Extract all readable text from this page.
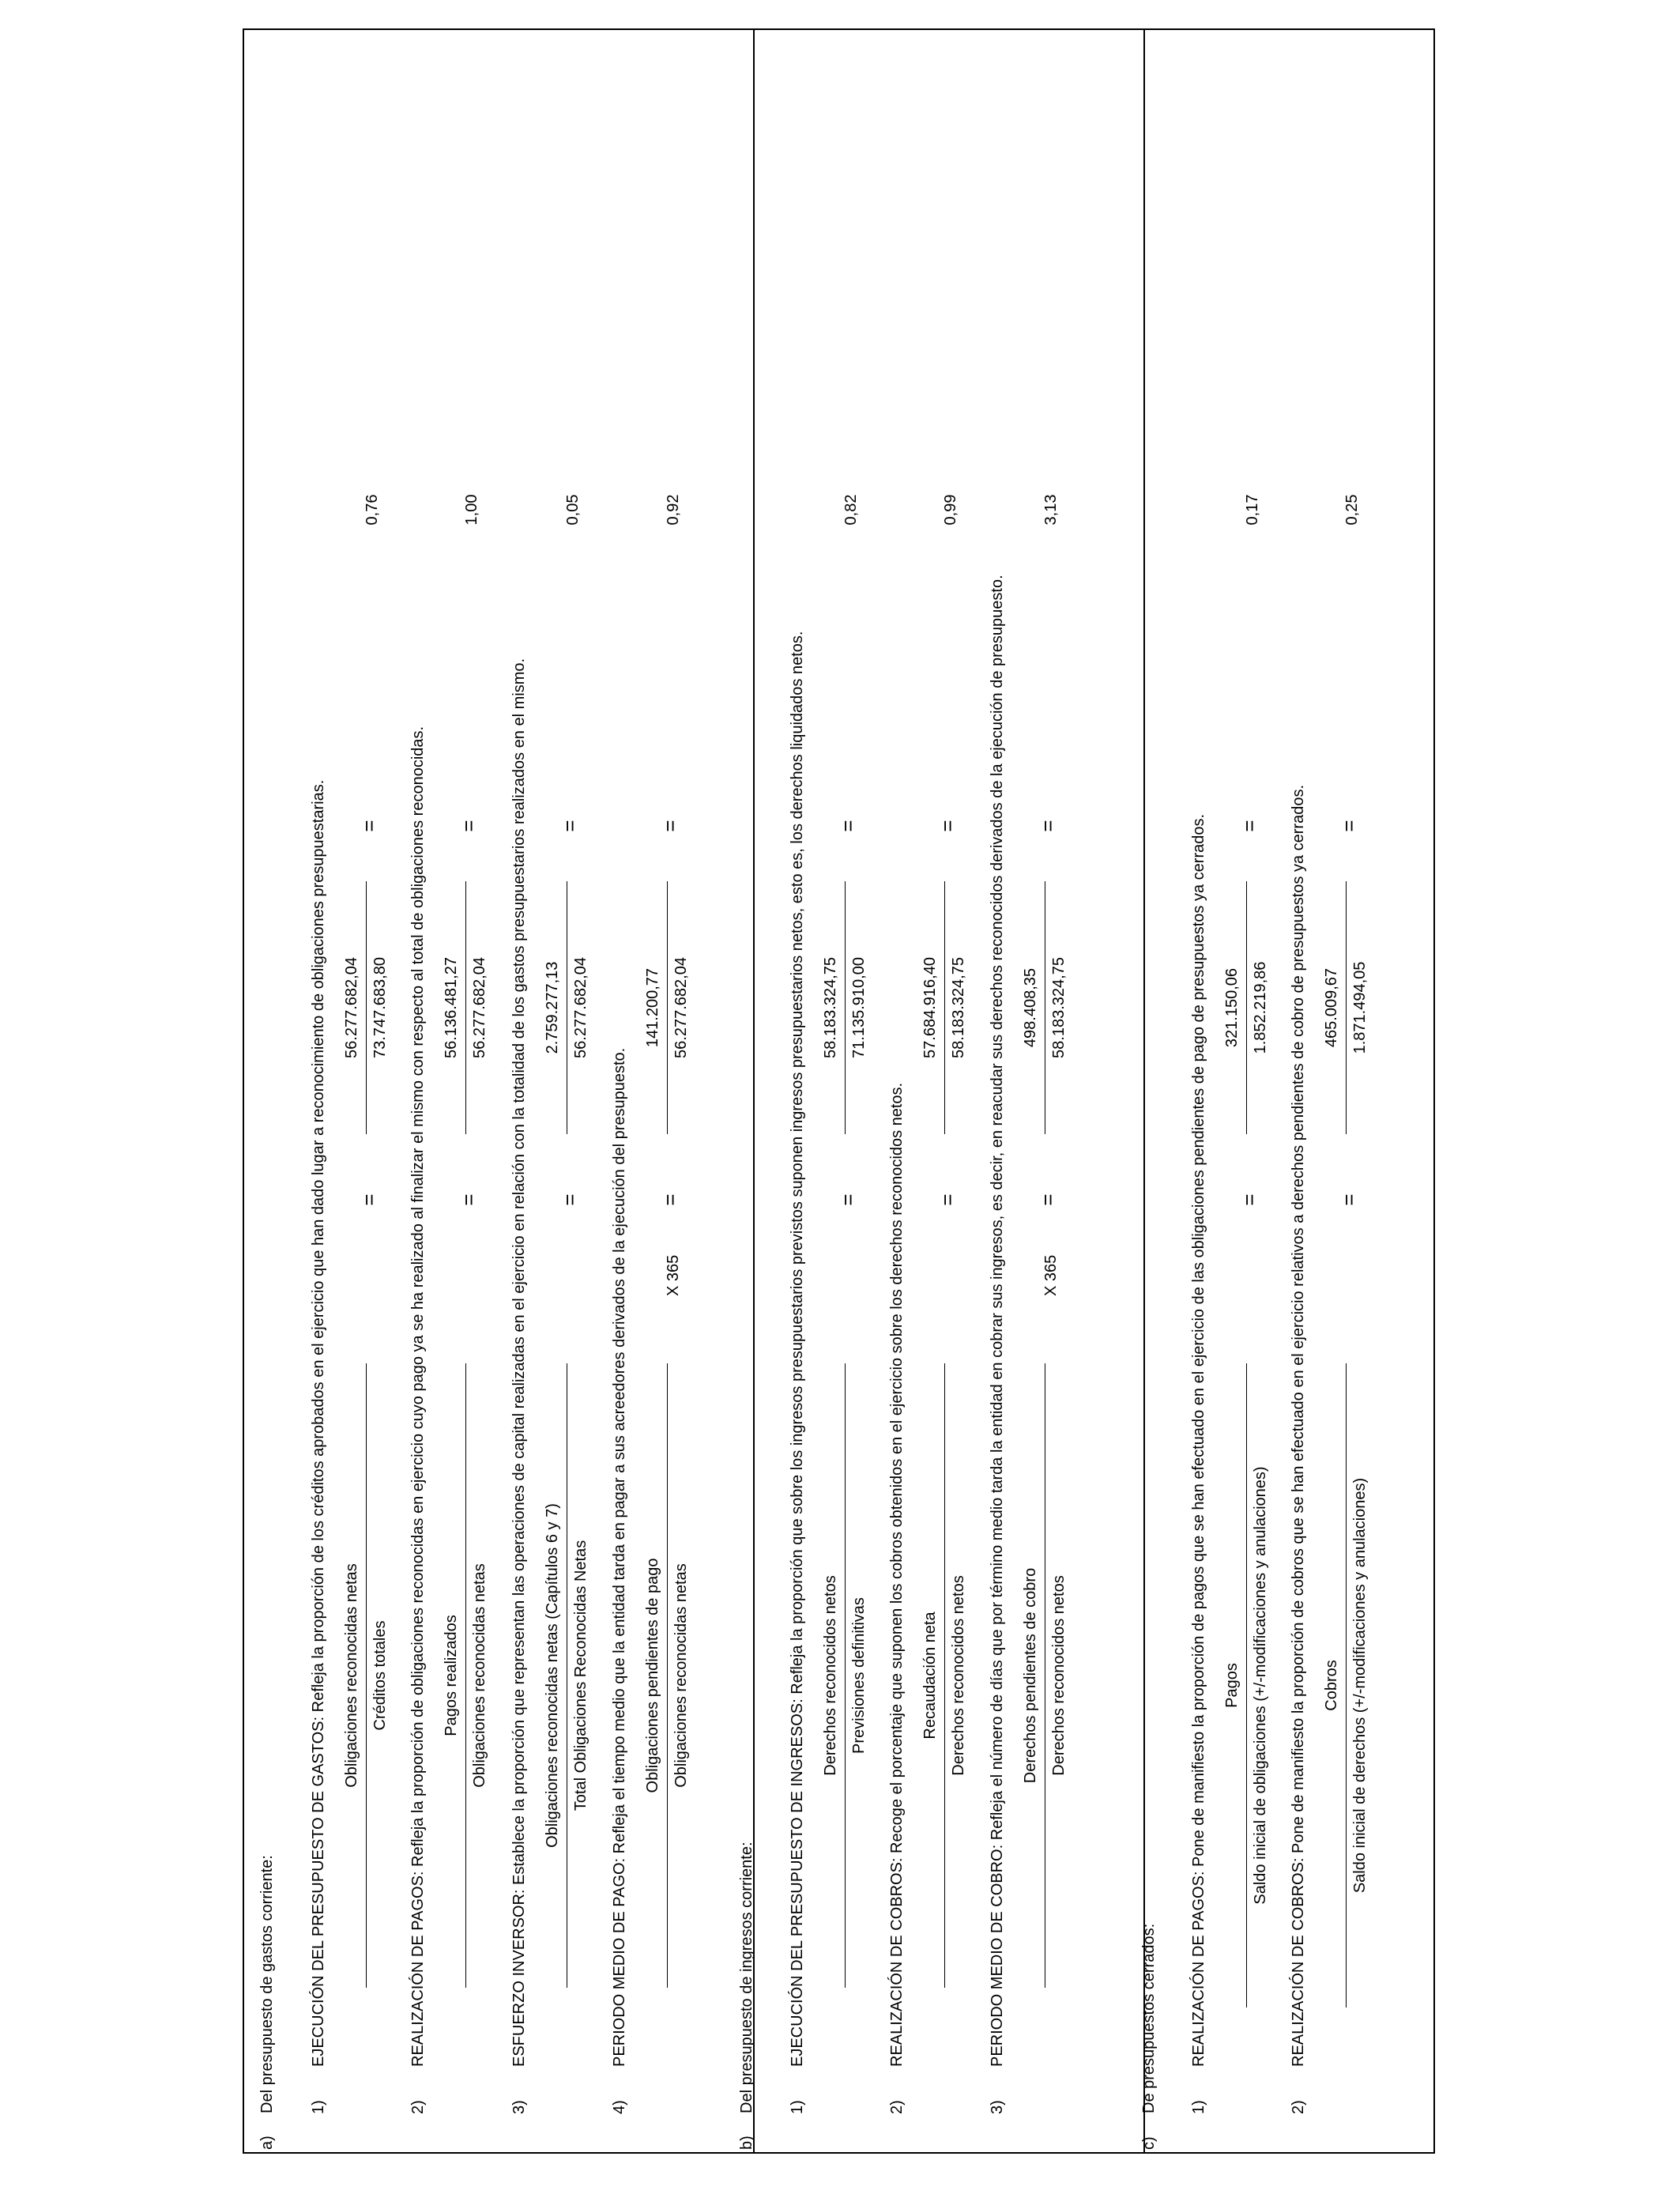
a)
Del presupuesto de gastos corriente: 1)
EJECUCIÓN DEL PRESUPUESTO DE GASTOS: Refleja la proporción de los créditos aprobados en el ejercicio que han dado lugar a reconocimiento de obligaciones presupuestarias. Obligaciones reconocidas netas Créditos totales
=
56.277.682,04 73.747.683,80
=
0,76
2)
REALIZACIÓN DE PAGOS: Refleja la proporción de obligaciones reconocidas en ejercicio cuyo pago ya se ha realizado al finalizar el mismo con respecto al total de obligaciones reconocidas. Pagos realizados Obligaciones reconocidas netas
=
56.136.481,27 56.277.682,04
=
1,00
3)
ESFUERZO INVERSOR: Establece la proporción que representan las operaciones de capital realizadas en el ejercicio en relación con la totalidad de los gastos presupuestarios realizados en el mismo. Obligaciones reconocidas netas (Capítulos 6 y 7) Total Obligaciones Reconocidas Netas
=
2.759.277,13 56.277.682,04
=
0,05
4)
PERIODO MEDIO DE PAGO: Refleja el tiempo medio que la entidad tarda en pagar a sus acreedores derivados de la ejecución del presupuesto. Obligaciones pendientes de pago Obligaciones reconocidas netas
X 365
=
141.200,77 56.277.682,04
=
0,92
b)
Del presupuesto de ingresos corriente: 1)
EJECUCIÓN DEL PRESUPUESTO DE INGRESOS: Refleja la proporción que sobre los ingresos presupuestarios previstos suponen ingresos presupuestarios netos, esto es, los derechos liquidados netos. Derechos reconocidos netos Previsiones definitivas
=
58.183.324,75 71.135.910,00
=
0,82
2)
REALIZACIÓN DE COBROS: Recoge el porcentaje que suponen los cobros obtenidos en el ejercicio sobre los derechos reconocidos netos. Recaudación neta Derechos reconocidos netos
=
57.684.916,40 58.183.324,75
=
0,99
3)
PERIODO MEDIO DE COBRO: Refleja el número de días que por término medio tarda la entidad en cobrar sus ingresos, es decir, en reacudar sus derechos reconocidos derivados de la ejecución de presupuesto. Derechos pendientes de cobro Derechos reconocidos netos
X 365
=
498.408,35 58.183.324,75
=
3,13
c)
De presupuestos cerrados: 1)
REALIZACIÓN DE PAGOS: Pone de manifiesto la proporción de pagos que se han efectuado en el ejercicio de las obligaciones pendientes de pago de presupuestos ya cerrados. Pagos Saldo inicial de obligaciones (+/-modificaciones y anulaciones)
=
321.150,06 1.852.219,86
=
0,17
2)
REALIZACIÓN DE COBROS: Pone de manifiesto la proporción de cobros que se han efectuado en el ejercicio relativos a derechos pendientes de cobro de presupuestos ya cerrados. Cobros Saldo inicial de derechos (+/-modificaciones y anulaciones)
=
465.009,67 1.871.494,05
=
0,25
